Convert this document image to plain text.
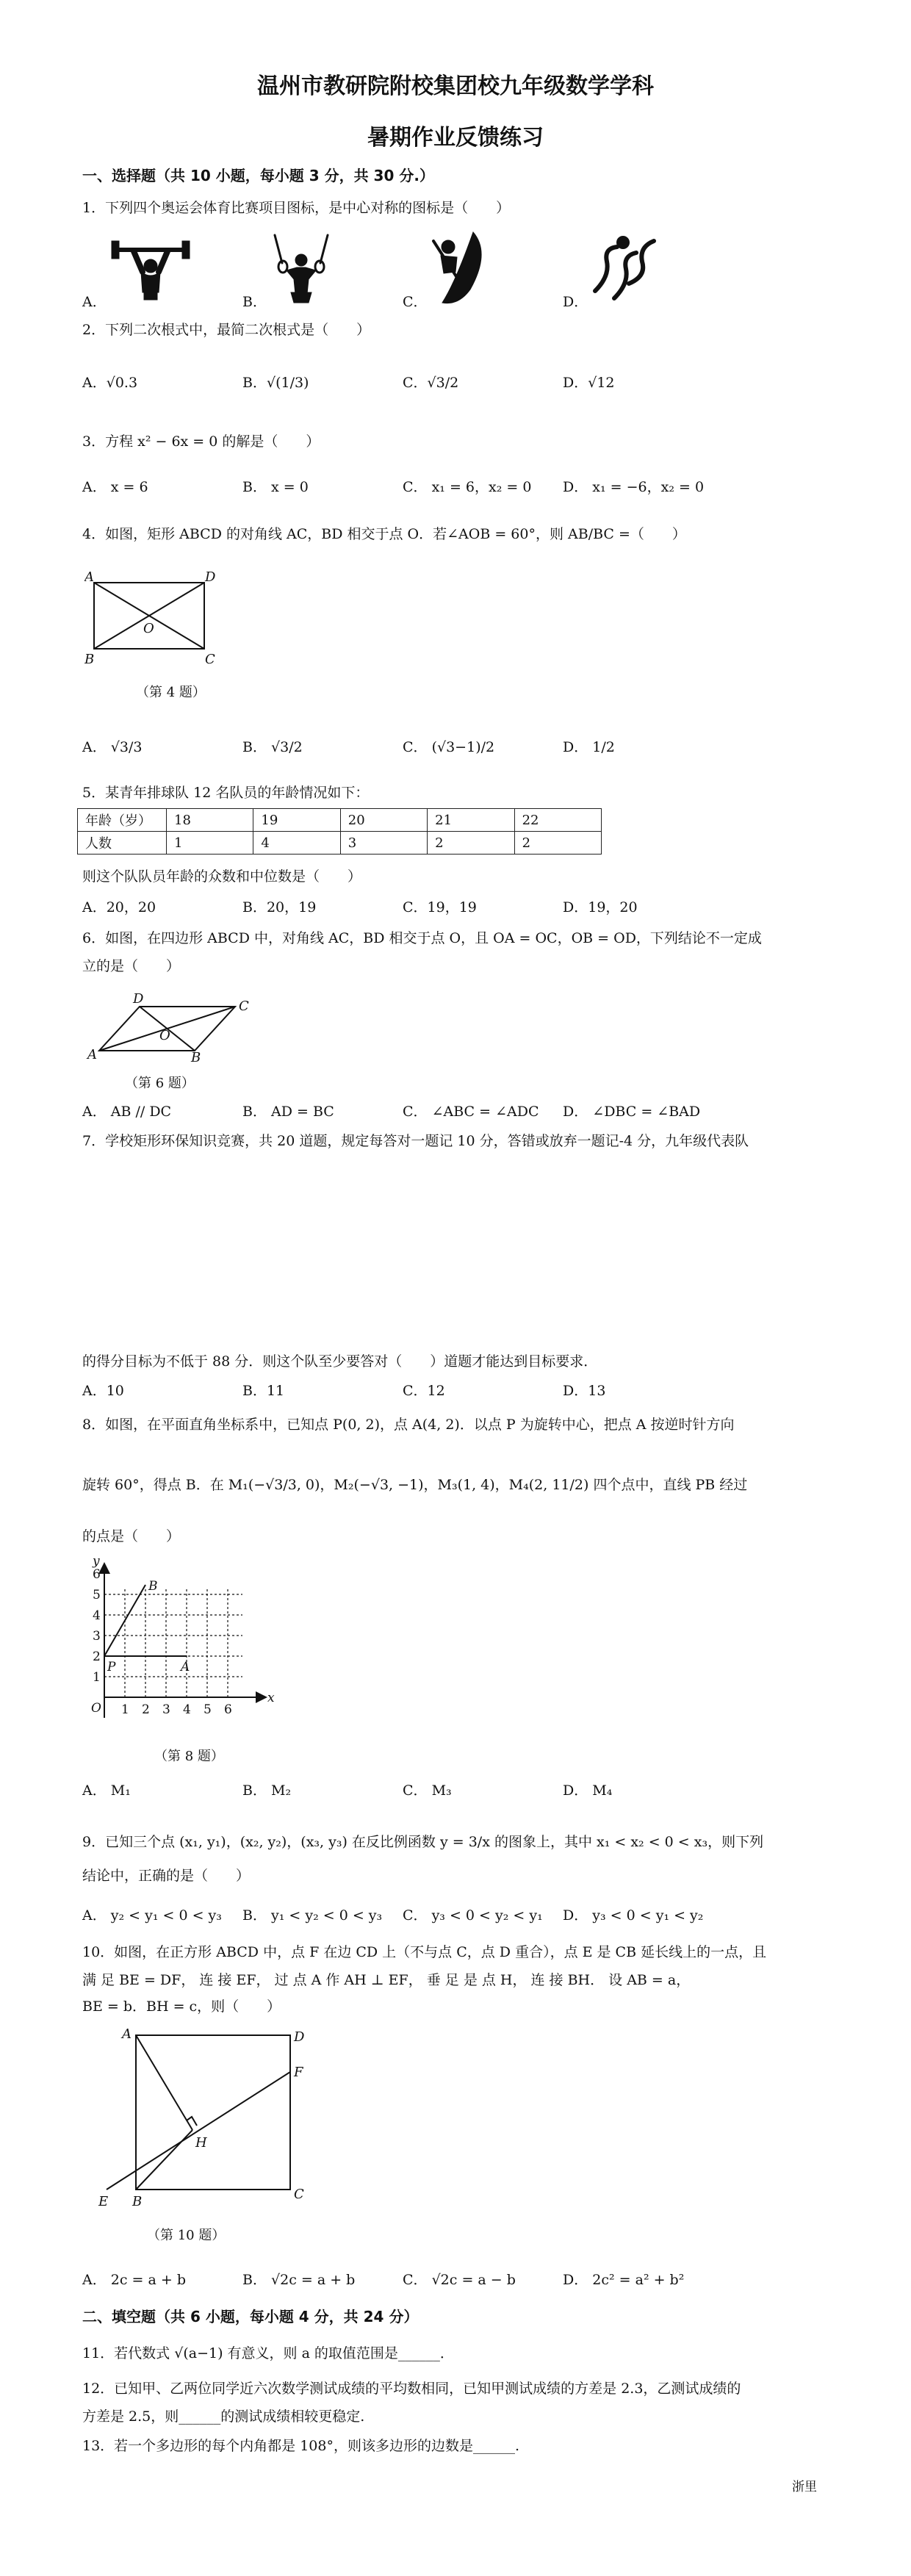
温州市教研院附校集团校九年级数学学科
暑期作业反馈练习
一、选择题（共 10 小题，每小题 3 分，共 30 分.）
1．下列四个奥运会体育比赛项目图标，是中心对称的图标是（　　）
A．	B．	C．	D．
2．下列二次根式中，最简二次根式是（　　）
A．√0.3	B．√(1/3)	C．√3/2	D．√12
3．方程 x² − 6x = 0 的解是（　　）
A． x = 6	B． x = 0	C． x₁ = 6，x₂ = 0 D． x₁ = −6，x₂ = 0
4．如图，矩形 ABCD 的对角线 AC，BD 相交于点 O．若∠AOB = 60°，则 AB/BC =（　　）
A	D
O
B	C
（第 4 题）
A． √3/3	B． √3/2	C． (√3−1)/2	D． 1/2
5．某青年排球队 12 名队员的年龄情况如下：
年龄（岁）	18	19	20	21	22
人数	1	4	3	2	2
则这个队队员年龄的众数和中位数是（　　）
A．20，20	B．20，19	C．19，19	D．19，20
6．如图，在四边形 ABCD 中，对角线 AC，BD 相交于点 O，且 OA = OC，OB = OD，下列结论不一定成
立的是（　　）
D	C
O
A	B
（第 6 题）
A． AB // DC	B． AD = BC	C． ∠ABC = ∠ADC D． ∠DBC = ∠BAD
7．学校矩形环保知识竞赛，共 20 道题，规定每答对一题记 10 分，答错或放弃一题记-4 分，九年级代表队
的得分目标为不低于 88 分．则这个队至少要答对（　　）道题才能达到目标要求．
A．10	B．11	C．12	D．13
8．如图，在平面直角坐标系中，已知点 P(0, 2)，点 A(4, 2)．以点 P 为旋转中心，把点 A 按逆时针方向
旋转 60°，得点 B．在 M₁(−√3/3, 0)，M₂(−√3, −1)，M₃(1, 4)，M₄(2, 11/2) 四个点中，直线 PB 经过
的点是（　　）
y
x
O 1 2 3 4 5 6
1
2
3
4
5
6
B
P	A
（第 8 题）
A． M₁	B． M₂	C． M₃	D． M₄
9．已知三个点 (x₁, y₁)，(x₂, y₂)，(x₃, y₃) 在反比例函数 y = 3/x 的图象上，其中 x₁ < x₂ < 0 < x₃，则下列
结论中，正确的是（　　）
A． y₂ < y₁ < 0 < y₃ B． y₁ < y₂ < 0 < y₃ C． y₃ < 0 < y₂ < y₁ D． y₃ < 0 < y₁ < y₂
10．如图，在正方形 ABCD 中，点 F 在边 CD 上（不与点 C，点 D 重合），点 E 是 CB 延长线上的一点，且
满 足 BE = DF， 连 接 EF， 过 点 A 作 AH ⊥ EF， 垂 足 是 点 H， 连 接 BH． 设 AB = a，
BE = b．BH = c，则（　　）
A	D
F
H
E B	C
（第 10 题）
A． 2c = a + b	B． √2c = a + b	C． √2c = a − b	D． 2c² = a² + b²
二、填空题（共 6 小题，每小题 4 分，共 24 分）
11．若代数式 √(a−1) 有意义，则 a 的取值范围是______．
12．已知甲、乙两位同学近六次数学测试成绩的平均数相同，已知甲测试成绩的方差是 2.3，乙测试成绩的
方差是 2.5，则______的测试成绩相较更稳定.
13．若一个多边形的每个内角都是 108°，则该多边形的边数是______.
浙里
